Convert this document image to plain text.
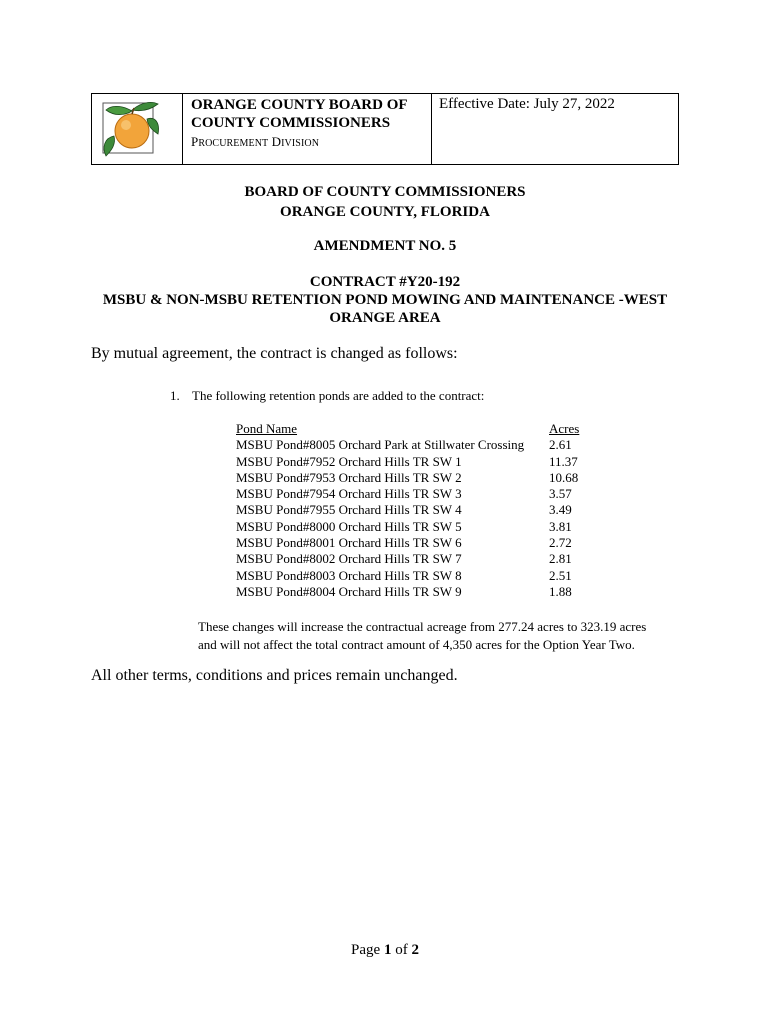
ORANGE COUNTY BOARD OF
COUNTY COMMISSIONERS
PROCUREMENT DIVISION
Effective Date: July 27, 2022
BOARD OF COUNTY COMMISSIONERS
ORANGE COUNTY, FLORIDA
AMENDMENT NO. 5
CONTRACT #Y20-192
MSBU & NON-MSBU RETENTION POND MOWING AND MAINTENANCE -WEST
ORANGE AREA
By mutual agreement, the contract is changed as follows:
1. The following retention ponds are added to the contract:
Pond Name	Acres
MSBU Pond#8005 Orchard Park at Stillwater Crossing	2.61
MSBU Pond#7952 Orchard Hills TR SW 1	11.37
MSBU Pond#7953 Orchard Hills TR SW 2	10.68
MSBU Pond#7954 Orchard Hills TR SW 3	3.57
MSBU Pond#7955 Orchard Hills TR SW 4	3.49
MSBU Pond#8000 Orchard Hills TR SW 5	3.81
MSBU Pond#8001 Orchard Hills TR SW 6	2.72
MSBU Pond#8002 Orchard Hills TR SW 7	2.81
MSBU Pond#8003 Orchard Hills TR SW 8	2.51
MSBU Pond#8004 Orchard Hills TR SW 9	1.88
These changes will increase the contractual acreage from 277.24 acres to 323.19 acres
and will not affect the total contract amount of 4,350 acres for the Option Year Two.
All other terms, conditions and prices remain unchanged.
Page 1 of 2
